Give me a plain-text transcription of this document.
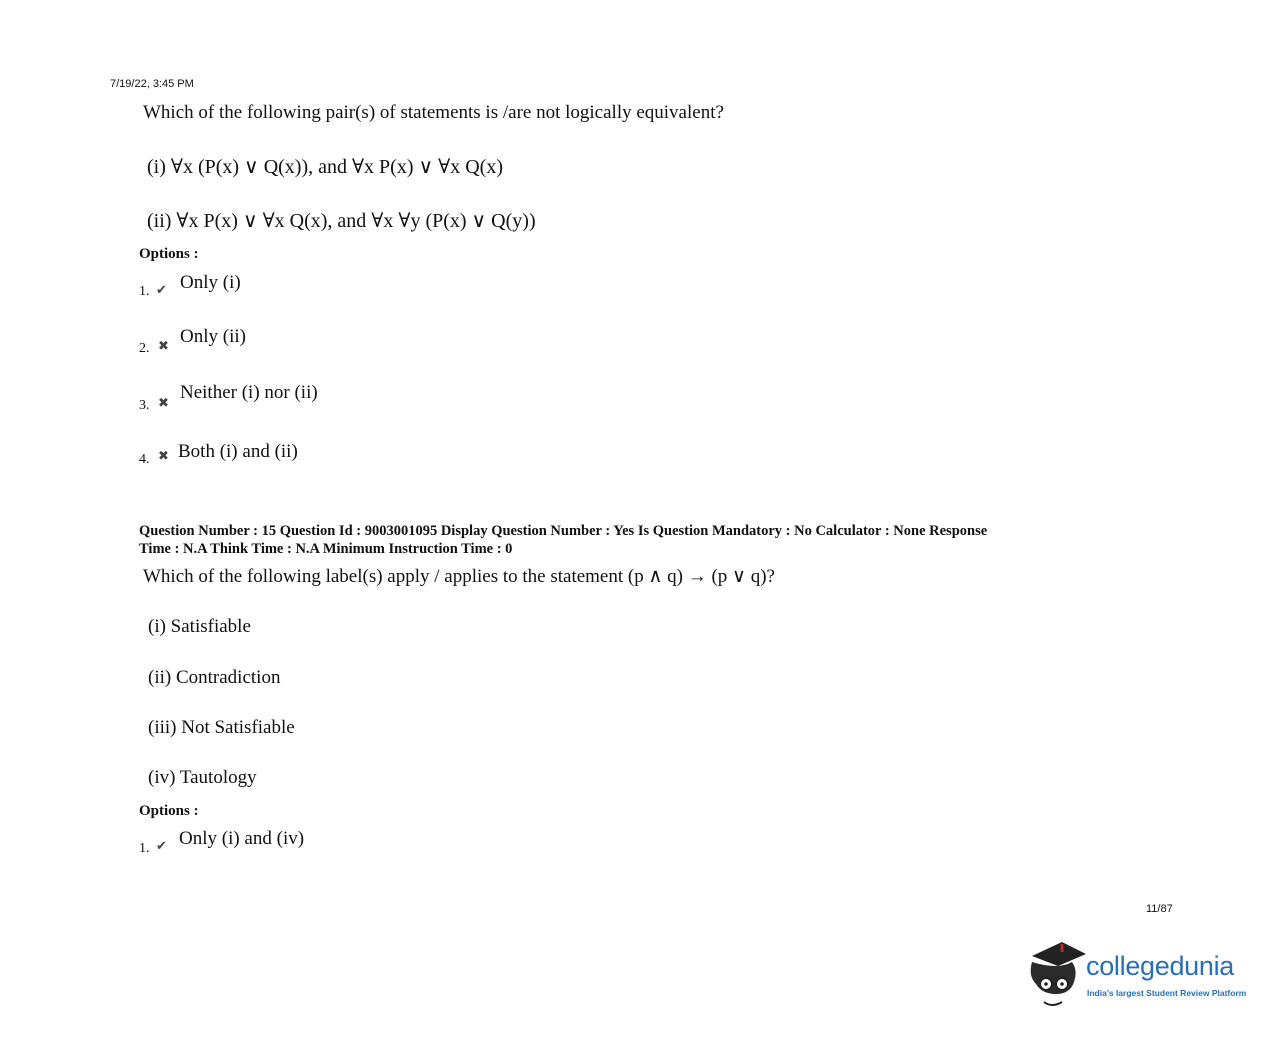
7/19/22, 3:45 PM
Which of the following pair(s) of statements is /are not logically equivalent?
(i) ∀x (P(x) ∨ Q(x)), and ∀x P(x) ∨ ∀x Q(x)
(ii) ∀x P(x) ∨ ∀x Q(x), and ∀x ∀y (P(x) ∨ Q(y))
Options :
1. ✔ Only (i)
2. ✖ Only (ii)
3. ✖ Neither (i) nor (ii)
4. ✖ Both (i) and (ii)
Question Number : 15 Question Id : 9003001095 Display Question Number : Yes Is Question Mandatory : No Calculator : None Response
Time : N.A Think Time : N.A Minimum Instruction Time : 0
Which of the following label(s) apply / applies to the statement (p ∧ q) → (p ∨ q)?
(i) Satisfiable
(ii) Contradiction
(iii) Not Satisfiable
(iv) Tautology
Options :
1. ✔ Only (i) and (iv)
11/87
collegedunia
India's largest Student Review Platform
